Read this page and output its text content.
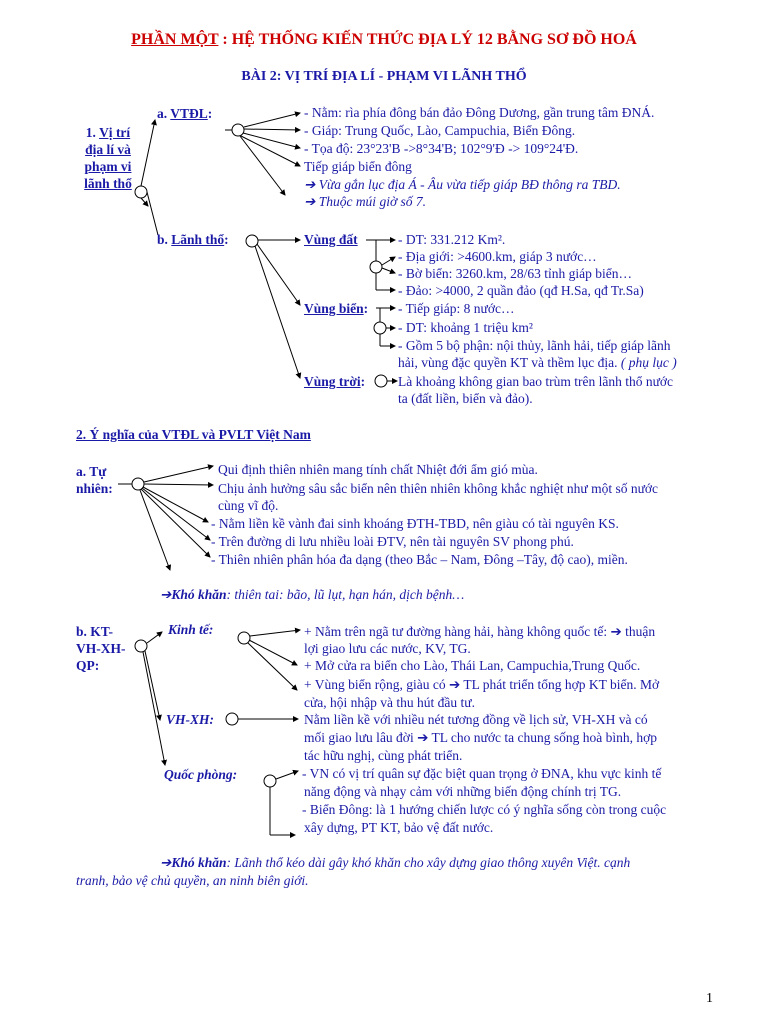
PHẦN MỘT : HỆ THỐNG KIẾN THỨC ĐỊA LÝ 12 BẰNG SƠ ĐỒ HOÁ
BÀI 2: VỊ TRÍ ĐỊA LÍ - PHẠM VI LÃNH THỔ
1. Vị trí
địa lí và
phạm vi
lãnh thổ
a. VTĐL:	- Nằm: rìa phía đông bán đảo Đông Dương, gần trung tâm ĐNÁ.
- Giáp: Trung Quốc, Lào, Campuchia, Biển Đông.
- Tọa độ: 23°23'B ->8°34'B; 102°9'Đ -> 109°24'Đ.
Tiếp giáp biển đông
➔ Vừa gắn lục địa Á - Âu vừa tiếp giáp BĐ thông ra TBD.
➔ Thuộc múi giờ số 7.
b. Lãnh thổ:	Vùng đất	- DT: 331.212 Km².
- Địa giới: >4600.km, giáp 3 nước…
- Bờ biển: 3260.km, 28/63 tỉnh giáp biển…
- Đảo: >4000, 2 quần đảo (qđ H.Sa, qđ Tr.Sa)
Vùng biển: - Tiếp giáp: 8 nước…
- DT: khoảng 1 triệu km²
- Gồm 5 bộ phận: nội thủy, lãnh hải, tiếp giáp lãnh
hải, vùng đặc quyền KT và thềm lục địa. ( phụ lục )
Vùng trời: Là khoảng không gian bao trùm trên lãnh thổ nước
ta (đất liền, biển và đảo).
2. Ý nghĩa của VTĐL và PVLT Việt Nam
a. Tự
nhiên:
Qui định thiên nhiên mang tính chất Nhiệt đới ẩm gió mùa.
Chịu ảnh hưởng sâu sắc biển nên thiên nhiên không khắc nghiệt như một số nước
cùng vĩ độ.
- Nằm liền kề vành đai sinh khoáng ĐTH-TBD, nên giàu có tài nguyên KS.
- Trên đường di lưu nhiều loài ĐTV, nên tài nguyên SV phong phú.
- Thiên nhiên phân hóa đa dạng (theo Bắc – Nam, Đông –Tây, độ cao), miền.
➔Khó khăn: thiên tai: bão, lũ lụt, hạn hán, dịch bệnh…
b. KT-
VH-XH-
QP:
Kinh tế:	+ Nằm trên ngã tư đường hàng hải, hàng không quốc tế: ➔ thuận
lợi giao lưu các nước, KV, TG.
+ Mở cửa ra biển cho Lào, Thái Lan, Campuchia,Trung Quốc.
+ Vùng biển rộng, giàu có ➔ TL phát triển tổng hợp KT biển. Mở
cửa, hội nhập và thu hút đầu tư.
VH-XH:	Nằm liền kề với nhiều nét tương đồng về lịch sử, VH-XH và có
mối giao lưu lâu đời ➔ TL cho nước ta chung sống hoà bình, hợp
tác hữu nghị, cùng phát triển.
Quốc phòng:	- VN có vị trí quân sự đặc biệt quan trọng ở ĐNA, khu vực kinh tế
năng động và nhạy cảm với những biến động chính trị TG.
- Biển Đông: là 1 hướng chiến lược có ý nghĩa sống còn trong cuộc
xây dựng, PT KT, bảo vệ đất nước.
➔Khó khăn: Lãnh thổ kéo dài gây khó khăn cho xây dựng giao thông xuyên Việt. cạnh
tranh, bảo vệ chủ quyền, an ninh biên giới.
1
